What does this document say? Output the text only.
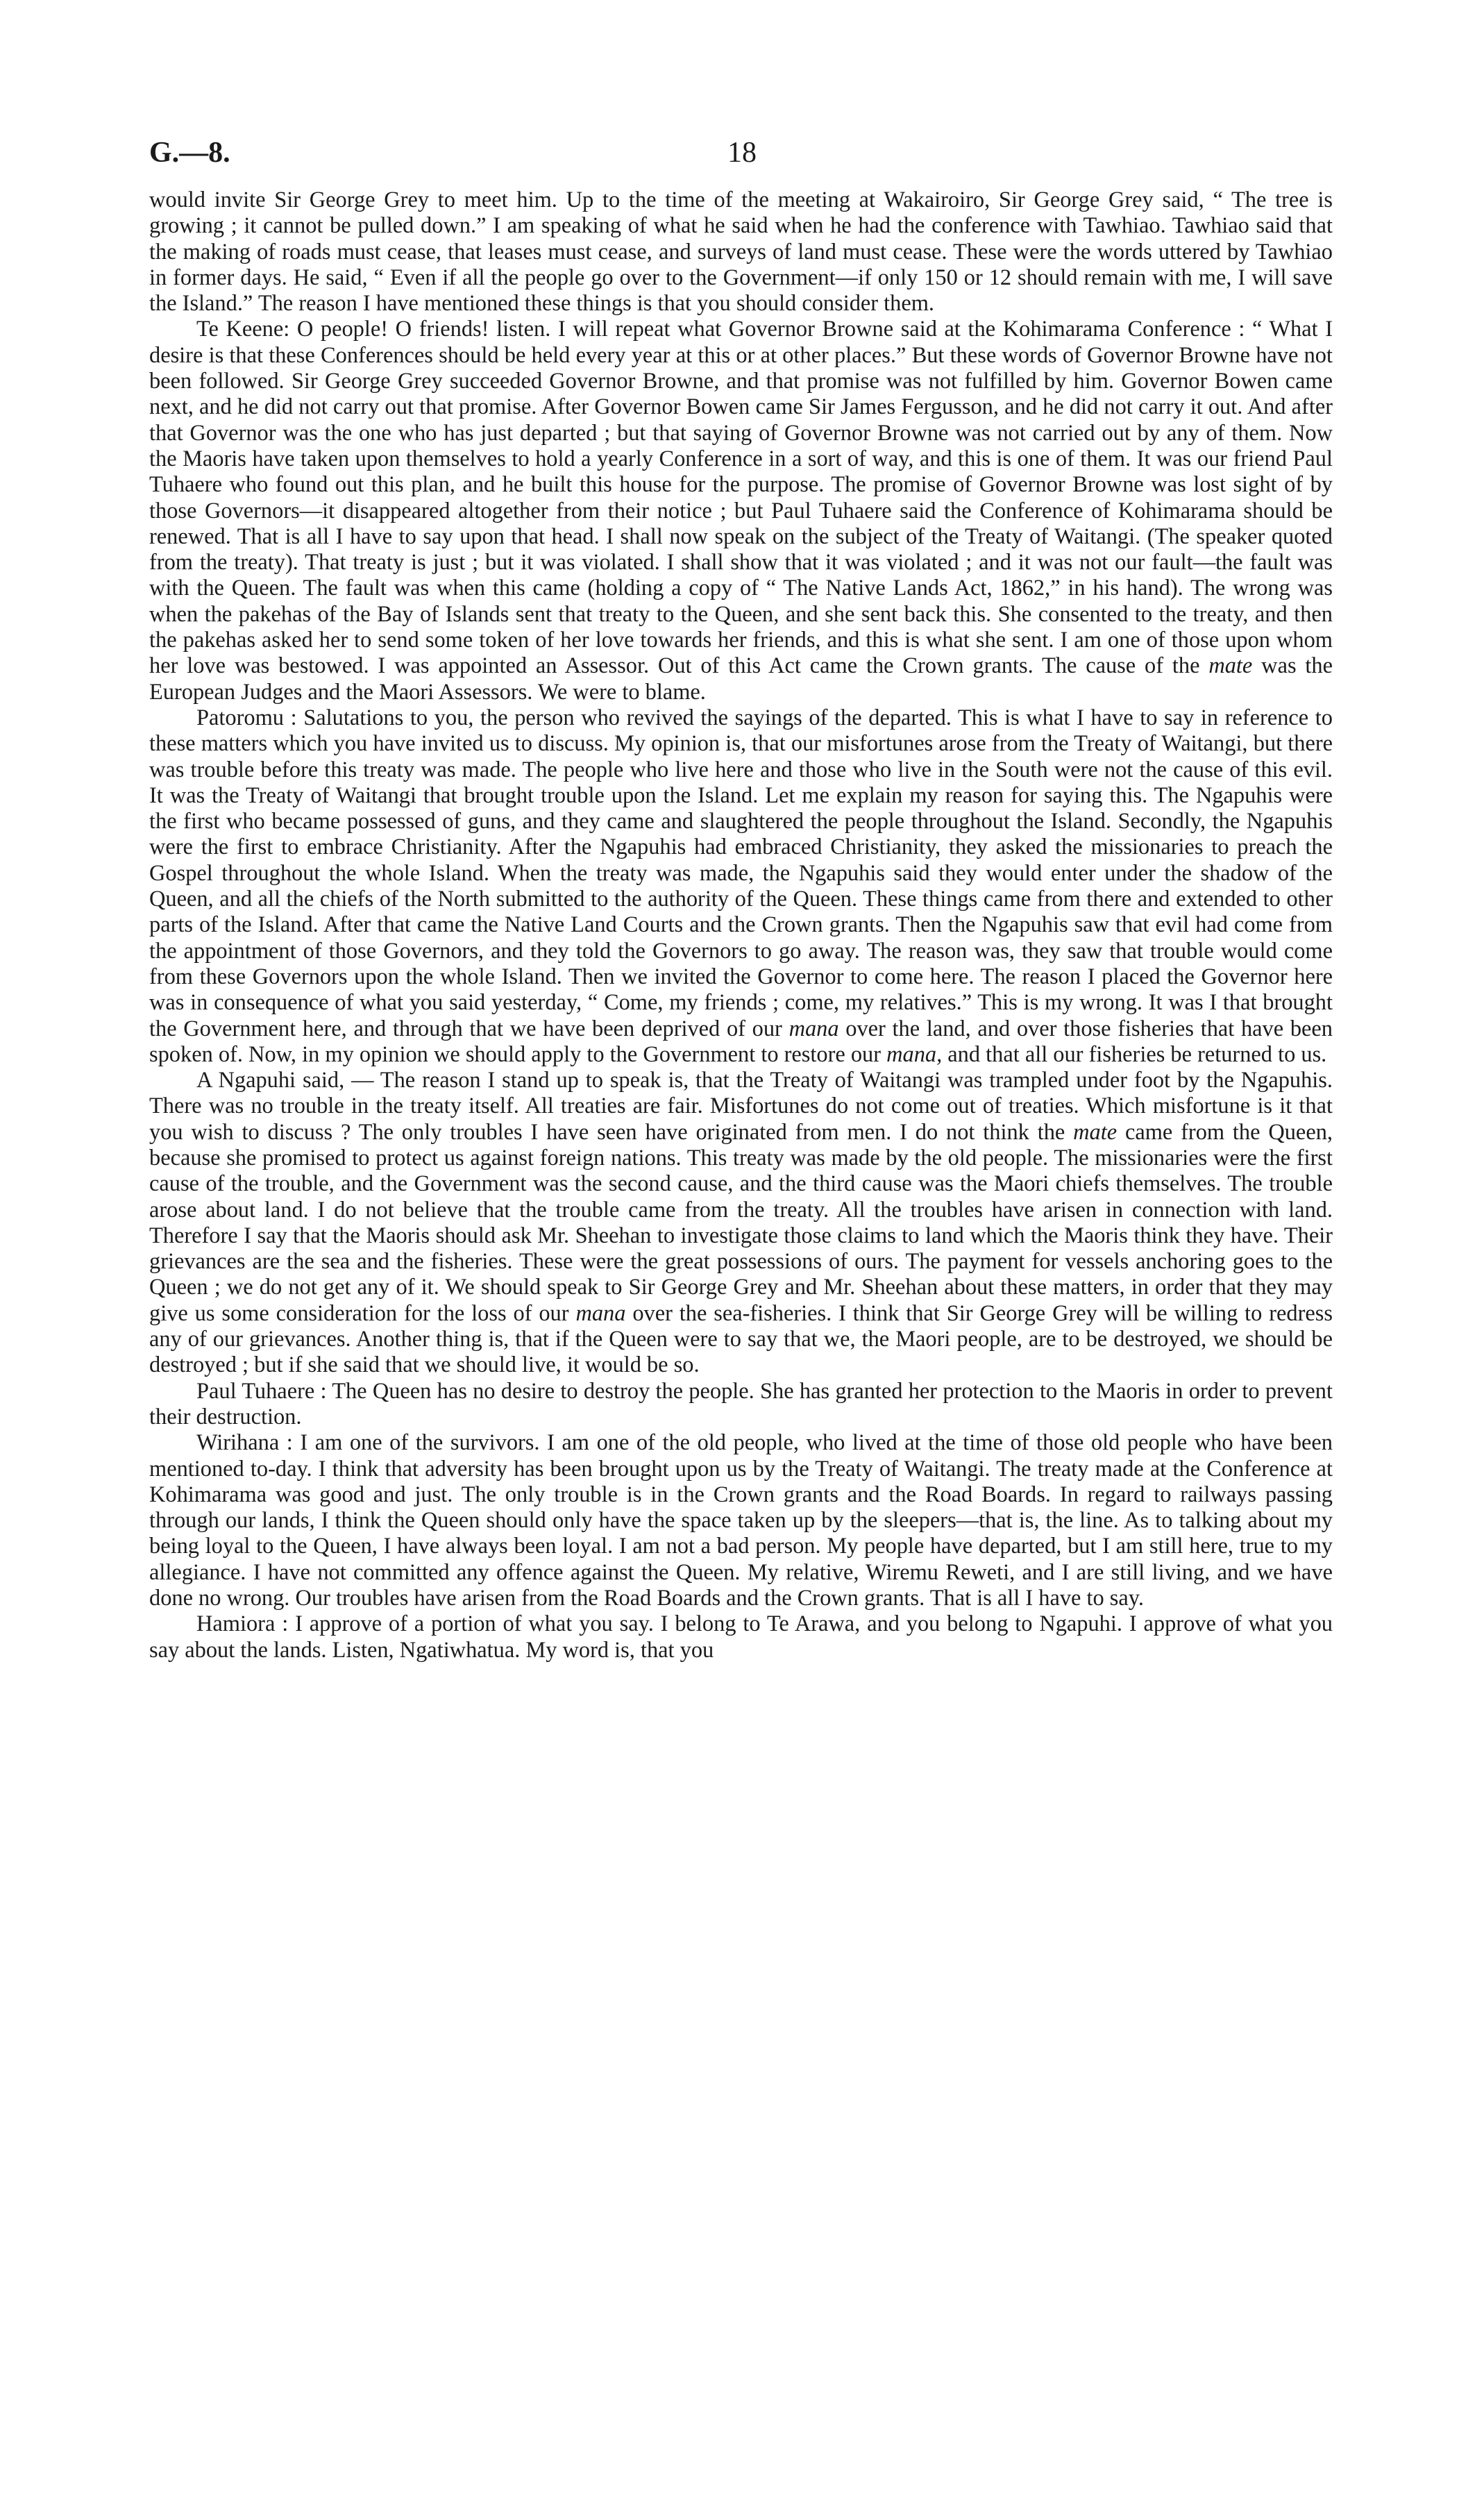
G.—8.	18

would invite Sir George Grey to meet him. Up to the time of the meeting at Wakairoiro, Sir George Grey said, “ The tree is growing ; it cannot be pulled down.” I am speaking of what he said when he had the conference with Tawhiao. Tawhiao said that the making of roads must cease, that leases must cease, and surveys of land must cease. These were the words uttered by Tawhiao in former days. He said, “ Even if all the people go over to the Government—if only 150 or 12 should remain with me, I will save the Island.” The reason I have mentioned these things is that you should consider them.

Te Keene: O people! O friends! listen. I will repeat what Governor Browne said at the Kohimarama Conference : “ What I desire is that these Conferences should be held every year at this or at other places.” But these words of Governor Browne have not been followed. Sir George Grey succeeded Governor Browne, and that promise was not fulfilled by him. Governor Bowen came next, and he did not carry out that promise. After Governor Bowen came Sir James Fergusson, and he did not carry it out. And after that Governor was the one who has just departed ; but that saying of Governor Browne was not carried out by any of them. Now the Maoris have taken upon themselves to hold a yearly Conference in a sort of way, and this is one of them. It was our friend Paul Tuhaere who found out this plan, and he built this house for the purpose. The promise of Governor Browne was lost sight of by those Governors—it disappeared altogether from their notice ; but Paul Tuhaere said the Conference of Kohimarama should be renewed. That is all I have to say upon that head. I shall now speak on the subject of the Treaty of Waitangi. (The speaker quoted from the treaty). That treaty is just ; but it was violated. I shall show that it was violated ; and it was not our fault—the fault was with the Queen. The fault was when this came (holding a copy of “ The Native Lands Act, 1862,” in his hand). The wrong was when the pakehas of the Bay of Islands sent that treaty to the Queen, and she sent back this. She consented to the treaty, and then the pakehas asked her to send some token of her love towards her friends, and this is what she sent. I am one of those upon whom her love was bestowed. I was appointed an Assessor. Out of this Act came the Crown grants. The cause of the mate was the European Judges and the Maori Assessors. We were to blame.

Patoromu : Salutations to you, the person who revived the sayings of the departed. This is what I have to say in reference to these matters which you have invited us to discuss. My opinion is, that our misfortunes arose from the Treaty of Waitangi, but there was trouble before this treaty was made. The people who live here and those who live in the South were not the cause of this evil. It was the Treaty of Waitangi that brought trouble upon the Island. Let me explain my reason for saying this. The Ngapuhis were the first who became possessed of guns, and they came and slaughtered the people throughout the Island. Secondly, the Ngapuhis were the first to embrace Christianity. After the Ngapuhis had embraced Christianity, they asked the missionaries to preach the Gospel throughout the whole Island. When the treaty was made, the Ngapuhis said they would enter under the shadow of the Queen, and all the chiefs of the North submitted to the authority of the Queen. These things came from there and extended to other parts of the Island. After that came the Native Land Courts and the Crown grants. Then the Ngapuhis saw that evil had come from the appointment of those Governors, and they told the Governors to go away. The reason was, they saw that trouble would come from these Governors upon the whole Island. Then we invited the Governor to come here. The reason I placed the Governor here was in consequence of what you said yesterday, “ Come, my friends ; come, my relatives.” This is my wrong. It was I that brought the Government here, and through that we have been deprived of our mana over the land, and over those fisheries that have been spoken of. Now, in my opinion we should apply to the Government to restore our mana, and that all our fisheries be returned to us.

A Ngapuhi said, — The reason I stand up to speak is, that the Treaty of Waitangi was trampled under foot by the Ngapuhis. There was no trouble in the treaty itself. All treaties are fair. Misfortunes do not come out of treaties. Which misfortune is it that you wish to discuss ? The only troubles I have seen have originated from men. I do not think the mate came from the Queen, because she promised to protect us against foreign nations. This treaty was made by the old people. The missionaries were the first cause of the trouble, and the Government was the second cause, and the third cause was the Maori chiefs themselves. The trouble arose about land. I do not believe that the trouble came from the treaty. All the troubles have arisen in connection with land. Therefore I say that the Maoris should ask Mr. Sheehan to investigate those claims to land which the Maoris think they have. Their grievances are the sea and the fisheries. These were the great possessions of ours. The payment for vessels anchoring goes to the Queen ; we do not get any of it. We should speak to Sir George Grey and Mr. Sheehan about these matters, in order that they may give us some consideration for the loss of our mana over the sea-fisheries. I think that Sir George Grey will be willing to redress any of our grievances. Another thing is, that if the Queen were to say that we, the Maori people, are to be destroyed, we should be destroyed ; but if she said that we should live, it would be so.

Paul Tuhaere : The Queen has no desire to destroy the people. She has granted her protection to the Maoris in order to prevent their destruction.

Wirihana : I am one of the survivors. I am one of the old people, who lived at the time of those old people who have been mentioned to-day. I think that adversity has been brought upon us by the Treaty of Waitangi. The treaty made at the Conference at Kohimarama was good and just. The only trouble is in the Crown grants and the Road Boards. In regard to railways passing through our lands, I think the Queen should only have the space taken up by the sleepers—that is, the line. As to talking about my being loyal to the Queen, I have always been loyal. I am not a bad person. My people have departed, but I am still here, true to my allegiance. I have not committed any offence against the Queen. My relative, Wiremu Reweti, and I are still living, and we have done no wrong. Our troubles have arisen from the Road Boards and the Crown grants. That is all I have to say.

Hamiora : I approve of a portion of what you say. I belong to Te Arawa, and you belong to Ngapuhi. I approve of what you say about the lands. Listen, Ngatiwhatua. My word is, that you
